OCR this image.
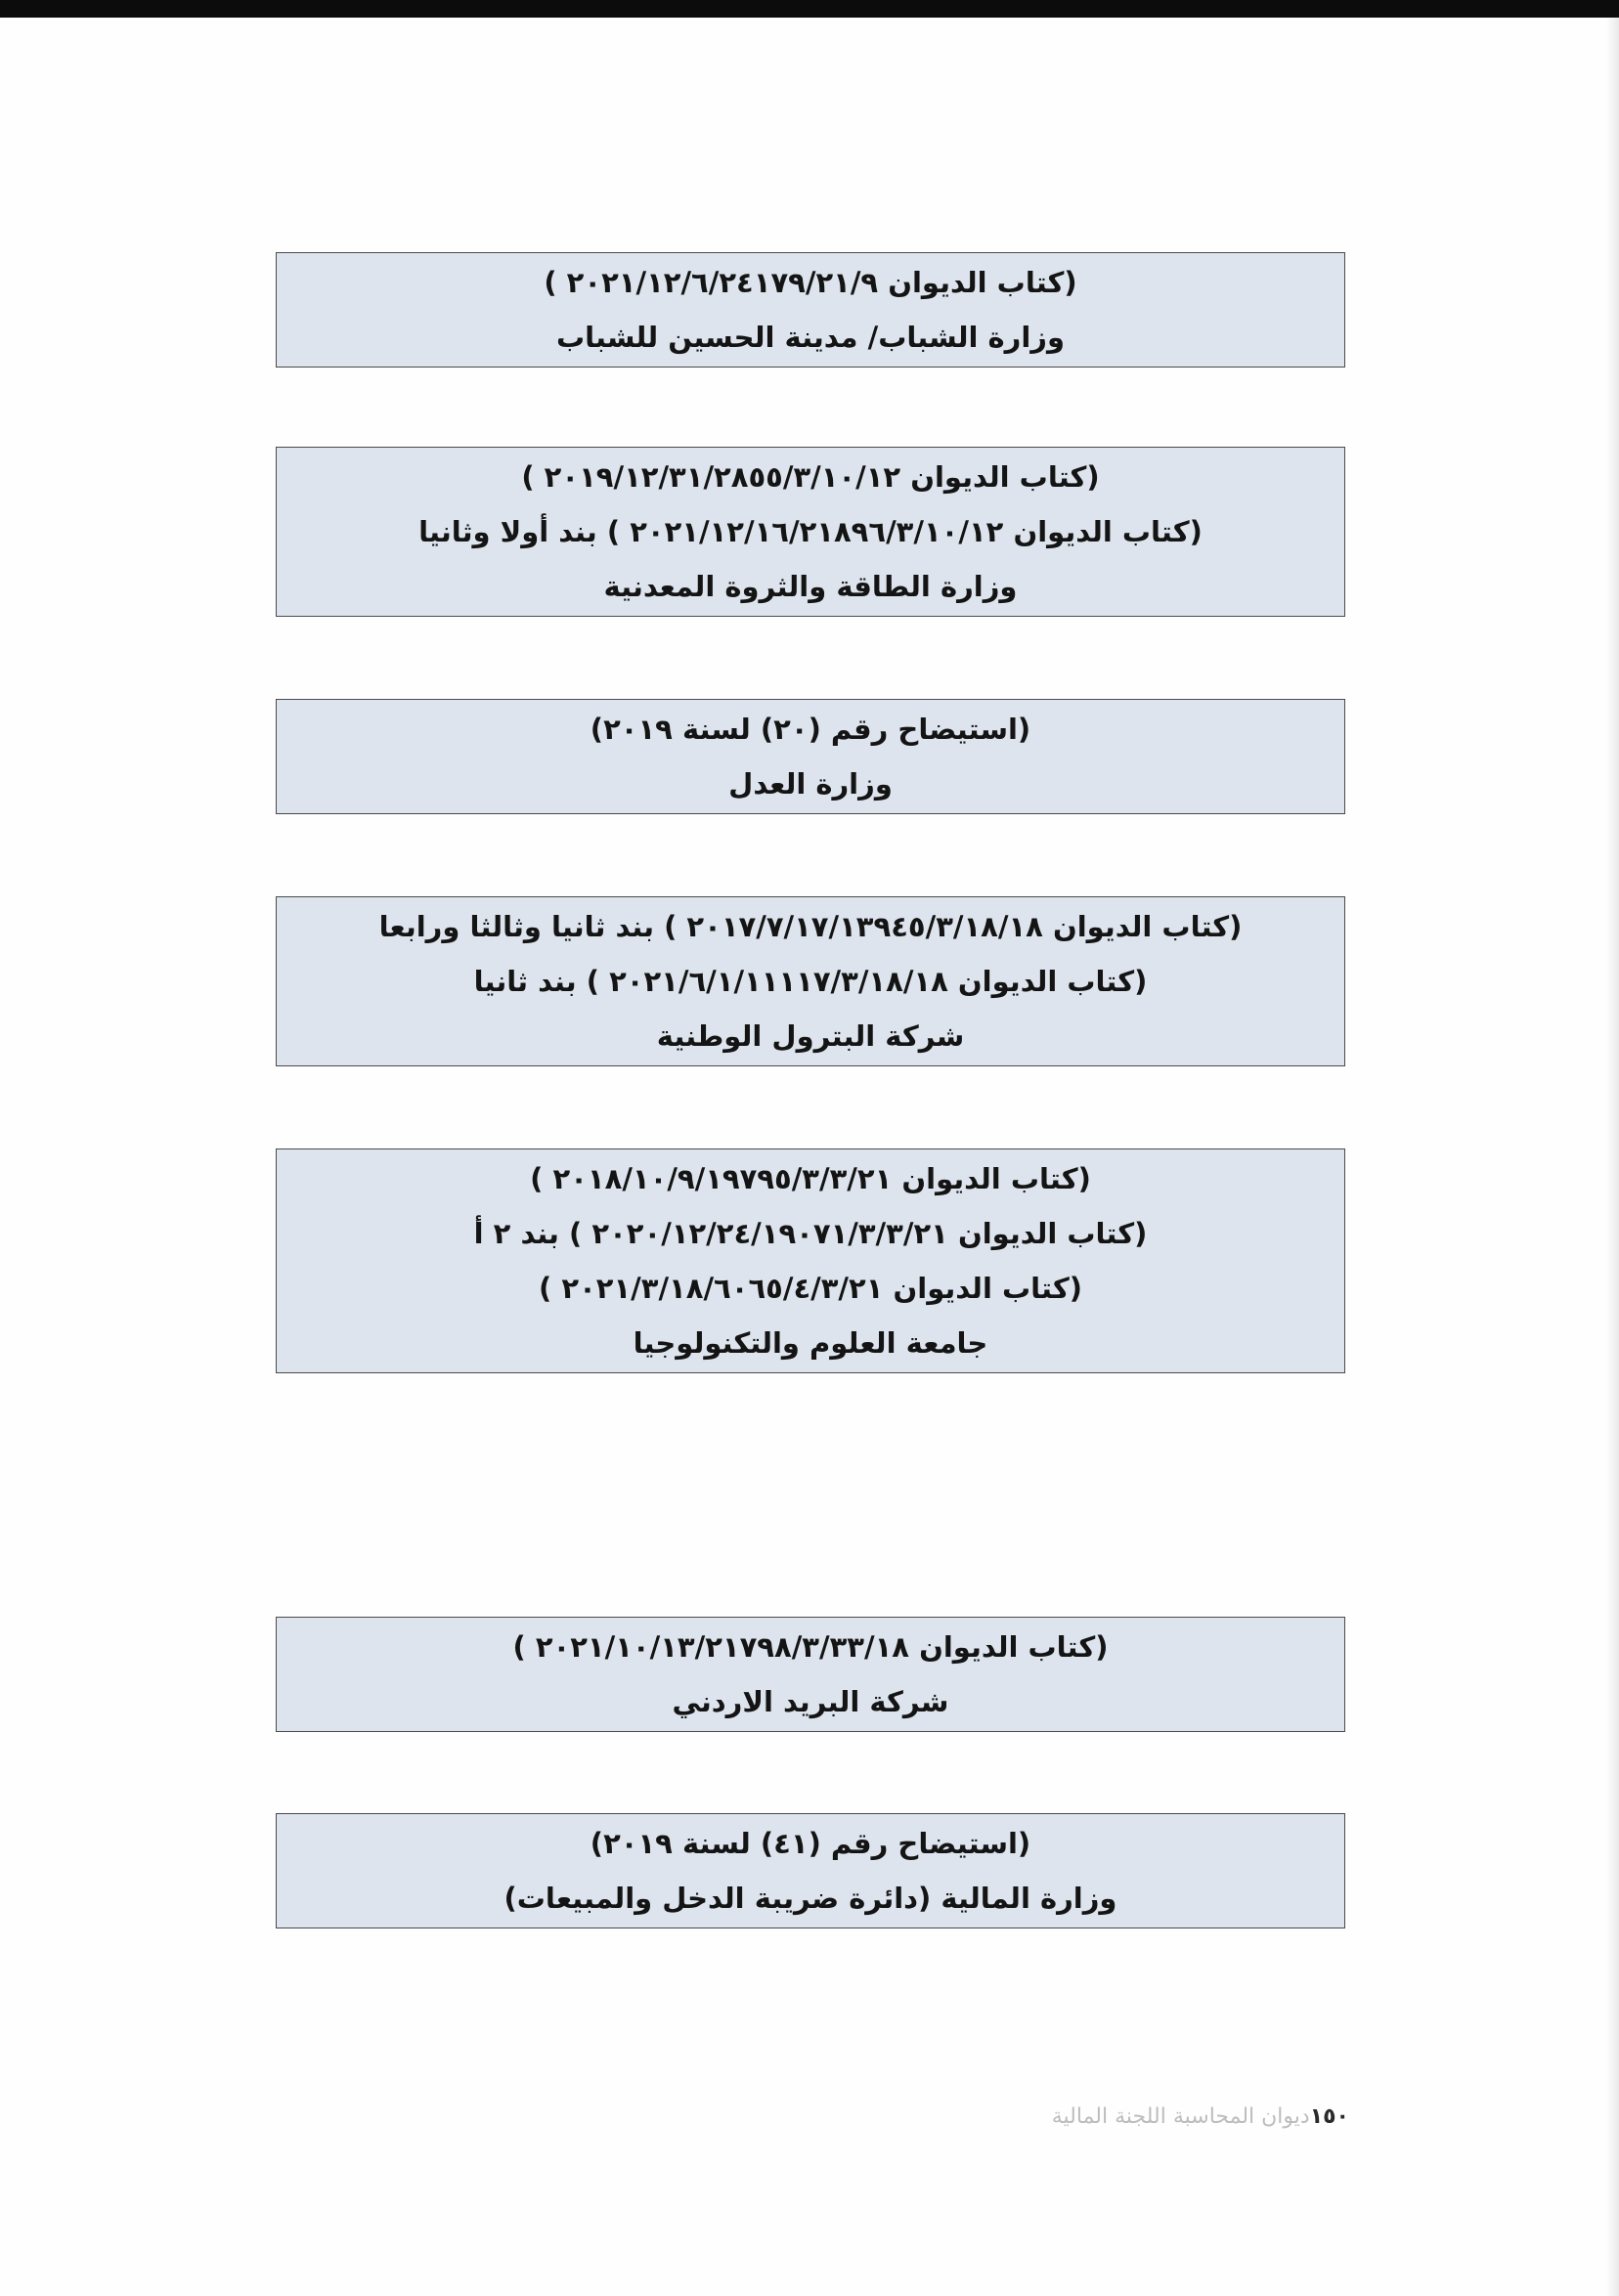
(كتاب الديوان ٢٠٢١/١٢/٦/٢٤١٧٩/٢١/٩ )
وزارة الشباب/ مدينة الحسين للشباب
(كتاب الديوان ٢٠١٩/١٢/٣١/٢٨٥٥/٣/١٠/١٢ )
(كتاب الديوان ٢٠٢١/١٢/١٦/٢١٨٩٦/٣/١٠/١٢ ) بند أولا وثانيا
وزارة الطاقة والثروة المعدنية
(استيضاح رقم (٢٠) لسنة ٢٠١٩)
وزارة العدل
(كتاب الديوان ٢٠١٧/٧/١٧/١٣٩٤٥/٣/١٨/١٨ ) بند ثانيا وثالثا ورابعا
(كتاب الديوان ٢٠٢١/٦/١/١١١١٧/٣/١٨/١٨ ) بند ثانيا
شركة البترول الوطنية
(كتاب الديوان ٢٠١٨/١٠/٩/١٩٧٩٥/٣/٣/٢١ )
(كتاب الديوان ٢٠٢٠/١٢/٢٤/١٩٠٧١/٣/٣/٢١ ) بند ٢ أ
(كتاب الديوان ٢٠٢١/٣/١٨/٦٠٦٥/٤/٣/٢١ )
جامعة العلوم والتكنولوجيا
(كتاب الديوان ٢٠٢١/١٠/١٣/٢١٧٩٨/٣/٣٣/١٨ )
شركة البريد الاردني
(استيضاح رقم (٤١) لسنة ٢٠١٩)
وزارة المالية (دائرة ضريبة الدخل والمبيعات)
١٥٠ديوان المحاسبة اللجنة المالية
